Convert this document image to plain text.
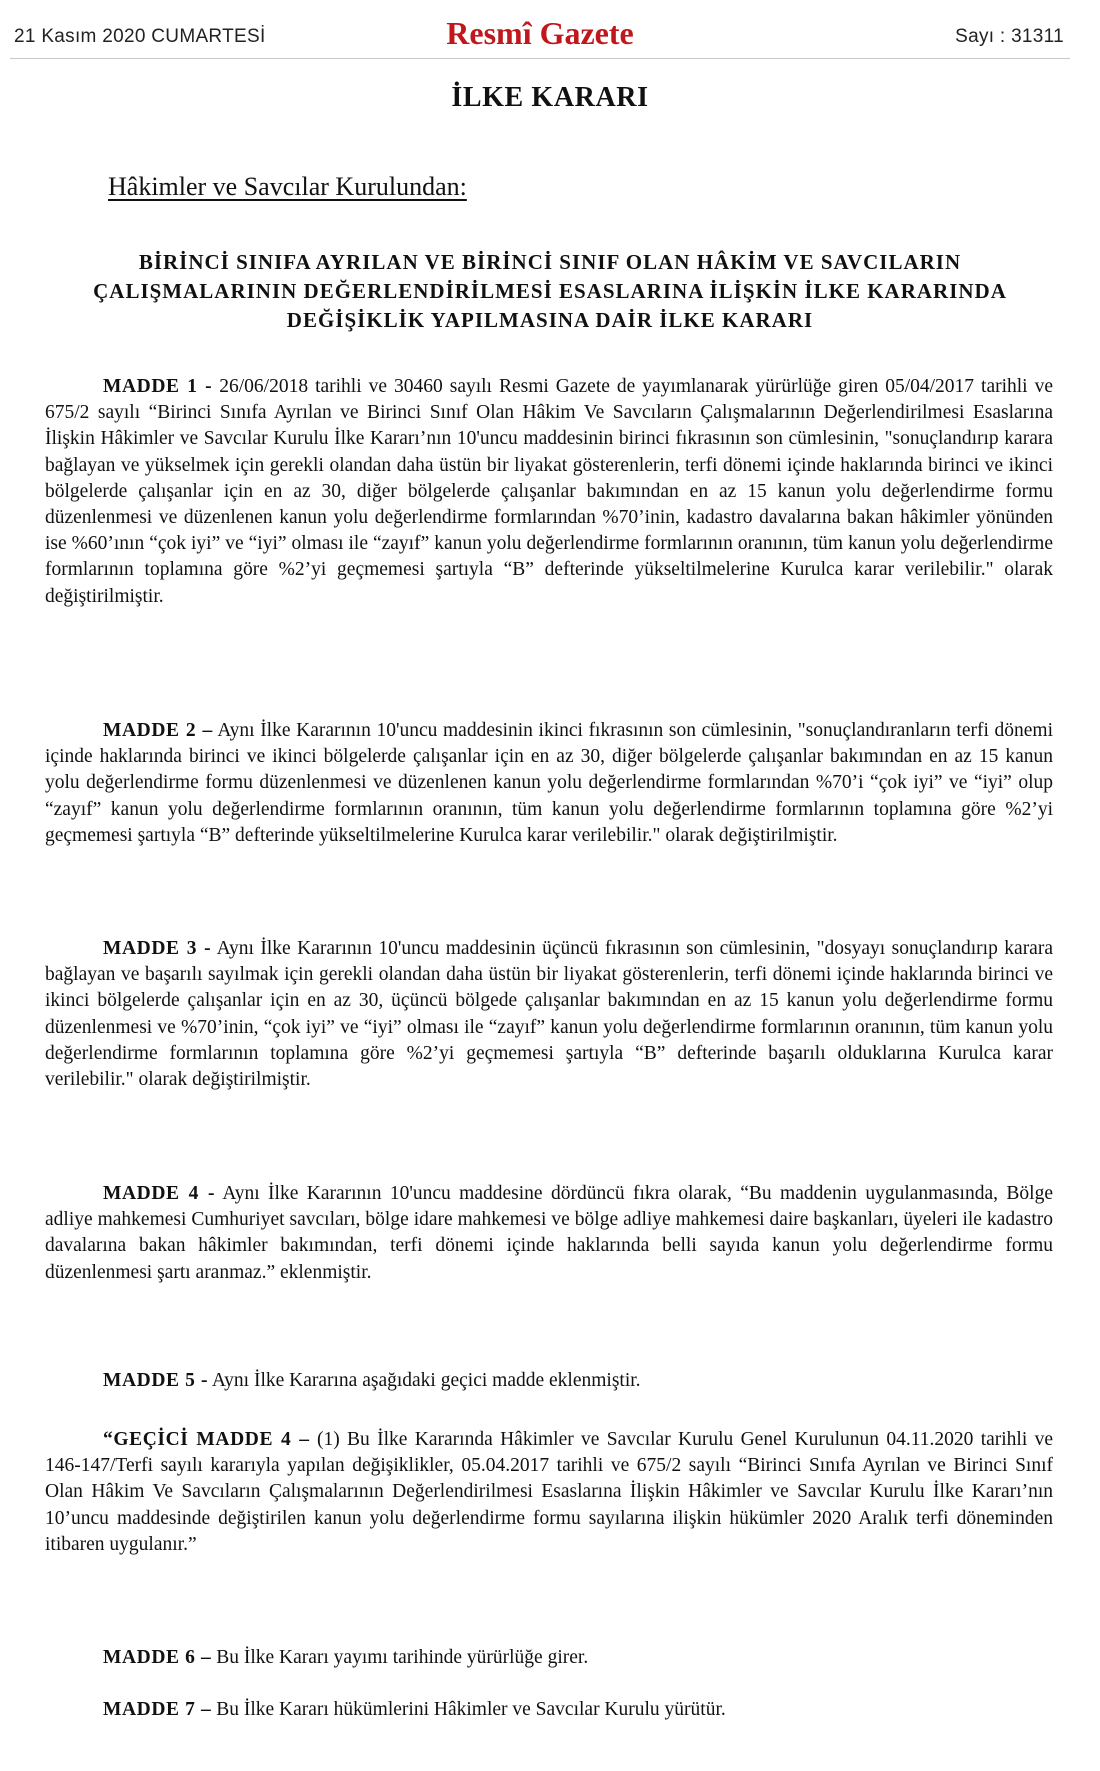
21 Kasım 2020 CUMARTESİ	Resmî Gazete	Sayı : 31311
İLKE KARARI
Hâkimler ve Savcılar Kurulundan:
BİRİNCİ SINIFA AYRILAN VE BİRİNCİ SINIF OLAN HÂKİM VE SAVCILARIN ÇALIŞMALARININ DEĞERLENDİRİLMESİ ESASLARINA İLİŞKİN İLKE KARARINDA DEĞİŞİKLİK YAPILMASINA DAİR İLKE KARARI

MADDE 1 - 26/06/2018 tarihli ve 30460 sayılı Resmi Gazete de yayımlanarak yürürlüğe giren 05/04/2017 tarihli ve 675/2 sayılı “Birinci Sınıfa Ayrılan ve Birinci Sınıf Olan Hâkim Ve Savcıların Çalışmalarının Değerlendirilmesi Esaslarına İlişkin Hâkimler ve Savcılar Kurulu İlke Kararı’nın 10'uncu maddesinin birinci fıkrasının son cümlesinin, "sonuçlandırıp karara bağlayan ve yükselmek için gerekli olandan daha üstün bir liyakat gösterenlerin, terfi dönemi içinde haklarında birinci ve ikinci bölgelerde çalışanlar için en az 30, diğer bölgelerde çalışanlar bakımından en az 15 kanun yolu değerlendirme formu düzenlenmesi ve düzenlenen kanun yolu değerlendirme formlarından %70’inin, kadastro davalarına bakan hâkimler yönünden ise %60’ının “çok iyi” ve “iyi” olması ile “zayıf” kanun yolu değerlendirme formlarının oranının, tüm kanun yolu değerlendirme formlarının toplamına göre %2’yi geçmemesi şartıyla “B” defterinde yükseltilmelerine Kurulca karar verilebilir." olarak değiştirilmiştir.

MADDE 2 – Aynı İlke Kararının 10'uncu maddesinin ikinci fıkrasının son cümlesinin, "sonuçlandıranların terfi dönemi içinde haklarında birinci ve ikinci bölgelerde çalışanlar için en az 30, diğer bölgelerde çalışanlar bakımından en az 15 kanun yolu değerlendirme formu düzenlenmesi ve düzenlenen kanun yolu değerlendirme formlarından %70’i “çok iyi” ve “iyi” olup “zayıf” kanun yolu değerlendirme formlarının oranının, tüm kanun yolu değerlendirme formlarının toplamına göre %2’yi geçmemesi şartıyla “B” defterinde yükseltilmelerine Kurulca karar verilebilir." olarak değiştirilmiştir.

MADDE 3 - Aynı İlke Kararının 10'uncu maddesinin üçüncü fıkrasının son cümlesinin, "dosyayı sonuçlandırıp karara bağlayan ve başarılı sayılmak için gerekli olandan daha üstün bir liyakat gösterenlerin, terfi dönemi içinde haklarında birinci ve ikinci bölgelerde çalışanlar için en az 30, üçüncü bölgede çalışanlar bakımından en az 15 kanun yolu değerlendirme formu düzenlenmesi ve %70’inin, “çok iyi” ve “iyi” olması ile “zayıf” kanun yolu değerlendirme formlarının oranının, tüm kanun yolu değerlendirme formlarının toplamına göre %2’yi geçmemesi şartıyla “B” defterinde başarılı olduklarına Kurulca karar verilebilir." olarak değiştirilmiştir.

MADDE 4 - Aynı İlke Kararının 10'uncu maddesine dördüncü fıkra olarak, “Bu maddenin uygulanmasında, Bölge adliye mahkemesi Cumhuriyet savcıları, bölge idare mahkemesi ve bölge adliye mahkemesi daire başkanları, üyeleri ile kadastro davalarına bakan hâkimler bakımından, terfi dönemi içinde haklarında belli sayıda kanun yolu değerlendirme formu düzenlenmesi şartı aranmaz.” eklenmiştir.

MADDE 5 - Aynı İlke Kararına aşağıdaki geçici madde eklenmiştir.

“GEÇİCİ MADDE 4 – (1) Bu İlke Kararında Hâkimler ve Savcılar Kurulu Genel Kurulunun 04.11.2020 tarihli ve 146-147/Terfi sayılı kararıyla yapılan değişiklikler, 05.04.2017 tarihli ve 675/2 sayılı “Birinci Sınıfa Ayrılan ve Birinci Sınıf Olan Hâkim Ve Savcıların Çalışmalarının Değerlendirilmesi Esaslarına İlişkin Hâkimler ve Savcılar Kurulu İlke Kararı’nın 10’uncu maddesinde değiştirilen kanun yolu değerlendirme formu sayılarına ilişkin hükümler 2020 Aralık terfi döneminden itibaren uygulanır.”

MADDE 6 – Bu İlke Kararı yayımı tarihinde yürürlüğe girer.

MADDE 7 – Bu İlke Kararı hükümlerini Hâkimler ve Savcılar Kurulu yürütür.
